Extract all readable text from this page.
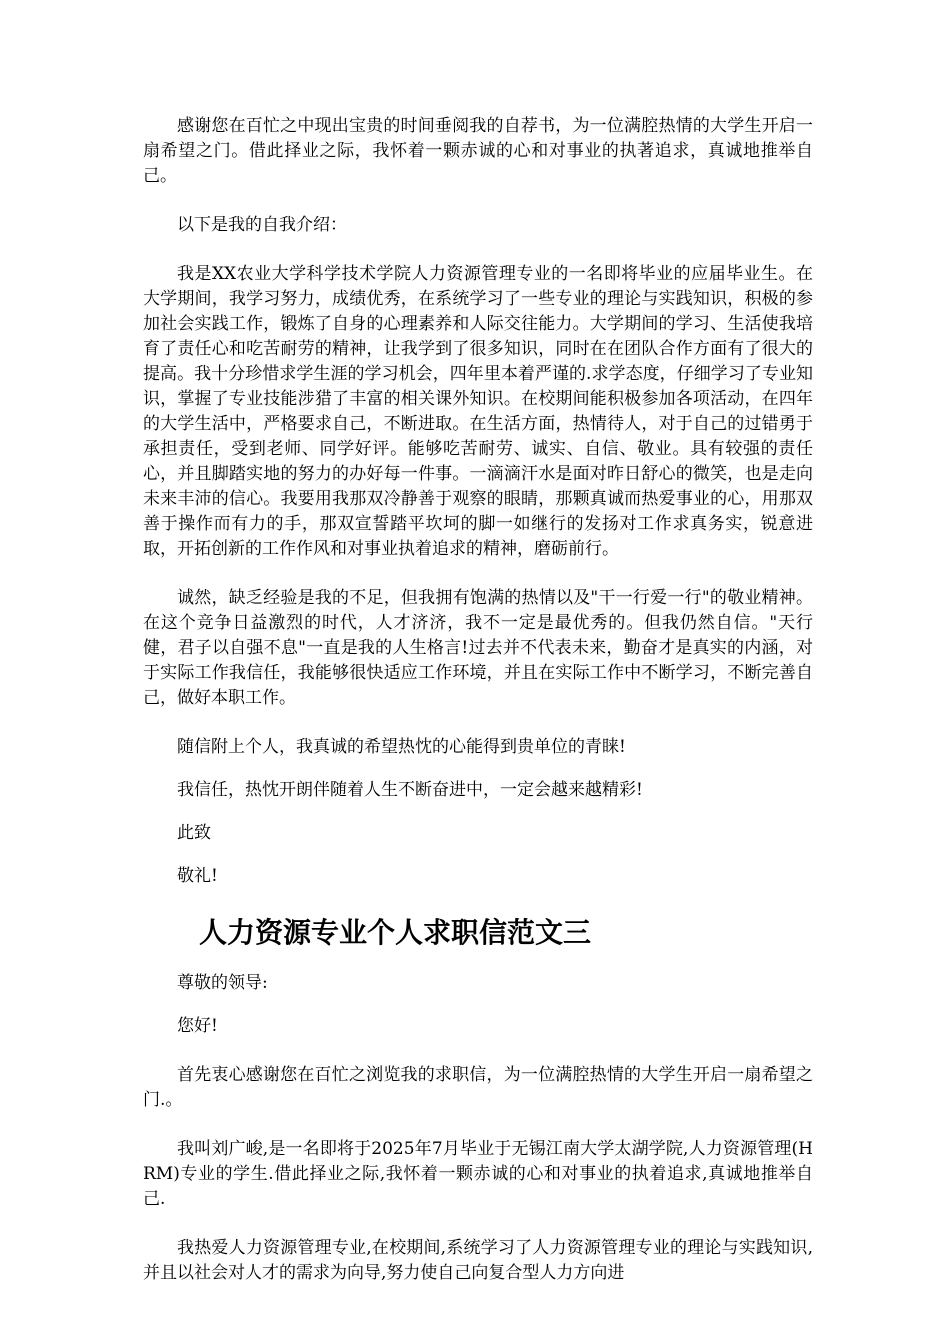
感谢您在百忙之中现出宝贵的时间垂阅我的自荐书，为一位满腔热情的大学生开启一扇希望之门。借此择业之际，我怀着一颗赤诚的心和对事业的执著追求，真诚地推举自己。

以下是我的自我介绍：

我是XX农业大学科学技术学院人力资源管理专业的一名即将毕业的应届毕业生。在大学期间，我学习努力，成绩优秀，在系统学习了一些专业的理论与实践知识，积极的参加社会实践工作，锻炼了自身的心理素养和人际交往能力。大学期间的学习、生活使我培育了责任心和吃苦耐劳的精神，让我学到了很多知识，同时在在团队合作方面有了很大的提高。我十分珍惜求学生涯的学习机会，四年里本着严谨的.求学态度，仔细学习了专业知识，掌握了专业技能涉猎了丰富的相关课外知识。在校期间能积极参加各项活动，在四年的大学生活中，严格要求自己，不断进取。在生活方面，热情待人，对于自己的过错勇于承担责任，受到老师、同学好评。能够吃苦耐劳、诚实、自信、敬业。具有较强的责任心，并且脚踏实地的努力的办好每一件事。一滴滴汗水是面对昨日舒心的微笑，也是走向未来丰沛的信心。我要用我那双冷静善于观察的眼睛，那颗真诚而热爱事业的心，用那双善于操作而有力的手，那双宣誓踏平坎坷的脚一如继行的发扬对工作求真务实，锐意进取，开拓创新的工作作风和对事业执着追求的精神，磨砺前行。

诚然，缺乏经验是我的不足，但我拥有饱满的热情以及"干一行爱一行"的敬业精神。在这个竞争日益激烈的时代，人才济济，我不一定是最优秀的。但我仍然自信。"天行健，君子以自强不息"一直是我的人生格言!过去并不代表未来，勤奋才是真实的内涵，对于实际工作我信任，我能够很快适应工作环境，并且在实际工作中不断学习，不断完善自己，做好本职工作。

随信附上个人，我真诚的希望热忱的心能得到贵单位的青睐!

我信任，热忱开朗伴随着人生不断奋进中，一定会越来越精彩!

此致

敬礼!

人力资源专业个人求职信范文三

尊敬的领导:

您好!

首先衷心感谢您在百忙之浏览我的求职信，为一位满腔热情的大学生开启一扇希望之门.。

我叫刘广峻,是一名即将于2025年7月毕业于无锡江南大学太湖学院,人力资源管理(HRM)专业的学生.借此择业之际,我怀着一颗赤诚的心和对事业的执着追求,真诚地推举自己.

我热爱人力资源管理专业,在校期间,系统学习了人力资源管理专业的理论与实践知识,并且以社会对人才的需求为向导,努力使自己向复合型人力方向进
